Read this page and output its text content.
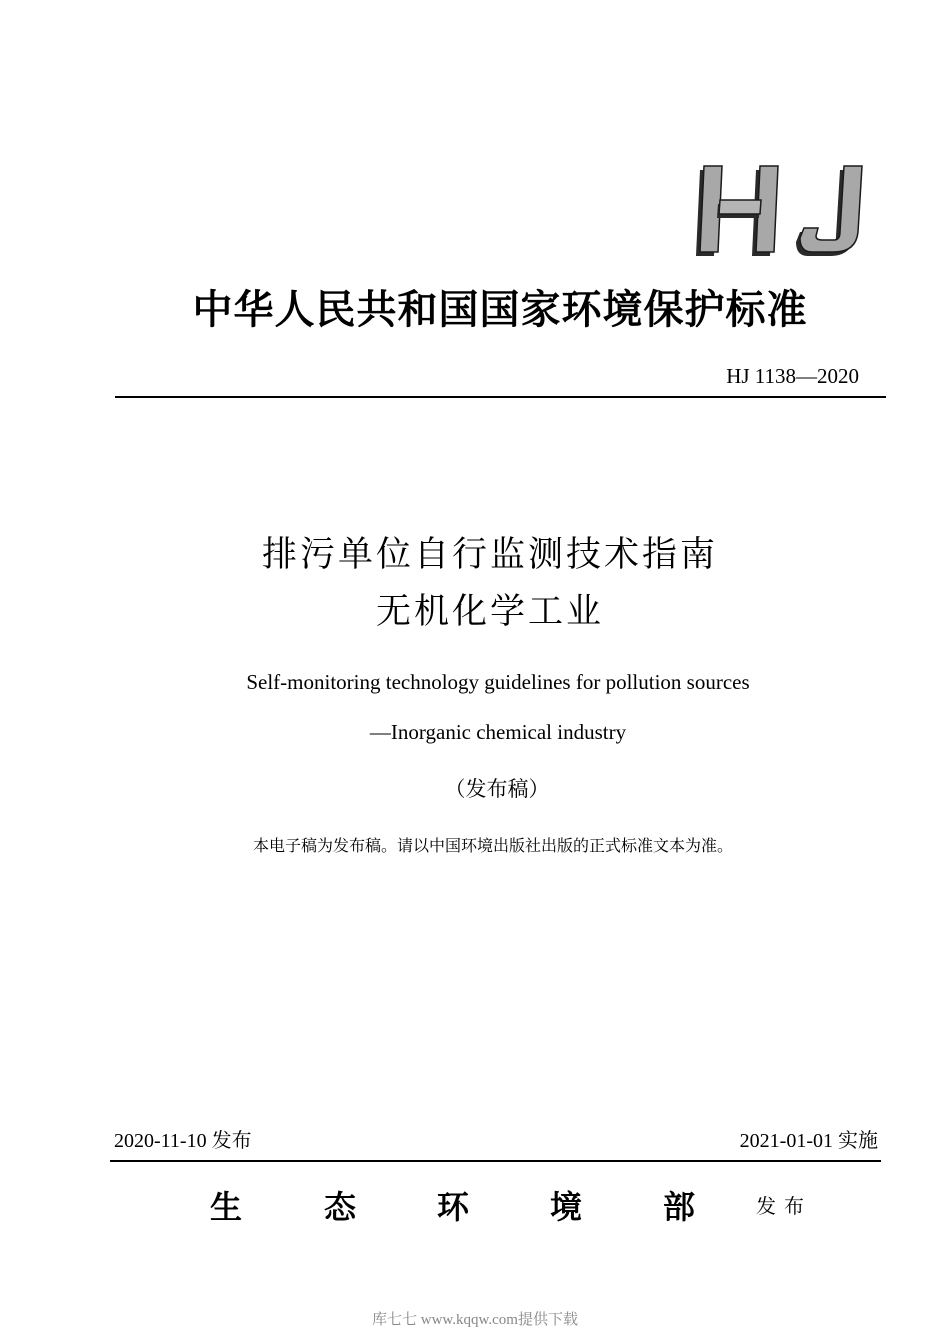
中华人民共和国国家环境保护标准
HJ 1138—2020
排污单位自行监测技术指南
无机化学工业
Self-monitoring technology guidelines for pollution sources
—Inorganic chemical industry
（发布稿）
本电子稿为发布稿。请以中国环境出版社出版的正式标准文本为准。
2020-11-10 发布	2021-01-01 实施
生	态	环	境	部	发布
库七七 www.kqqw.com提供下载
